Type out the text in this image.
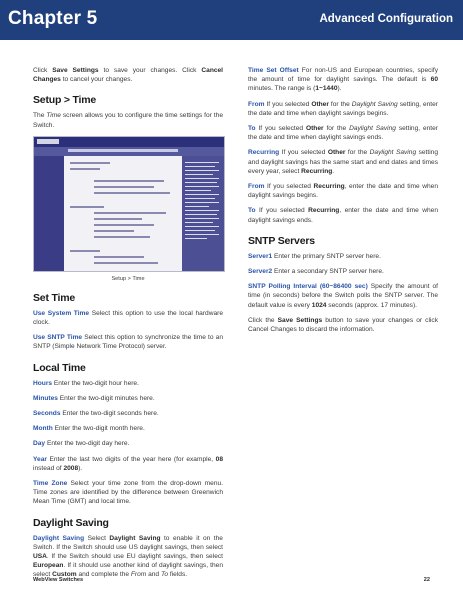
Chapter 5	Advanced Configuration

Click Save Settings to save your changes. Click Cancel Changes to cancel your changes.

Setup > Time

The Time screen allows you to configure the time settings for the Switch.

Setup > Time
Set Time

Use System Time Select this option to use the local hardware clock.

Use SNTP Time Select this option to synchronize the time to an SNTP (Simple Network Time Protocol) server.

Local Time

Hours Enter the two-digit hour here.

Minutes Enter the two-digit minutes here.

Seconds Enter the two-digit seconds here.

Month Enter the two-digit month here.

Day Enter the two-digit day here.

Year Enter the last two digits of the year here (for example, 08 instead of 2008).

Time Zone Select your time zone from the drop-down menu. Time zones are identified by the difference between Greenwich Mean Time (GMT) and local time.

Daylight Saving

Daylight Saving Select Daylight Saving to enable it on the Switch. If the Switch should use US daylight savings, then select USA. If the Switch should use EU daylight savings, then select European. If it should use another kind of daylight savings, then select Custom and complete the From and To fields.

Time Set Offset For non-US and European countries, specify the amount of time for daylight savings. The default is 60 minutes. The range is (1~1440).

From If you selected Other for the Daylight Saving setting, enter the date and time when daylight savings begins.

To If you selected Other for the Daylight Saving setting, enter the date and time when daylight savings ends.

Recurring If you selected Other for the Daylight Saving setting and daylight savings has the same start and end dates and times every year, select Recurring.

From If you selected Recurring, enter the date and time when daylight savings begins.

To If you selected Recurring, enter the date and time when daylight savings ends.

SNTP Servers

Server1 Enter the primary SNTP server here.

Server2 Enter a secondary SNTP server here.

SNTP Polling Interval (60~86400 sec) Specify the amount of time (in seconds) before the Switch polls the SNTP server. The default value is every 1024 seconds (approx. 17 minutes).

Click the Save Settings button to save your changes or click Cancel Changes to discard the information.

WebView Switches	22
